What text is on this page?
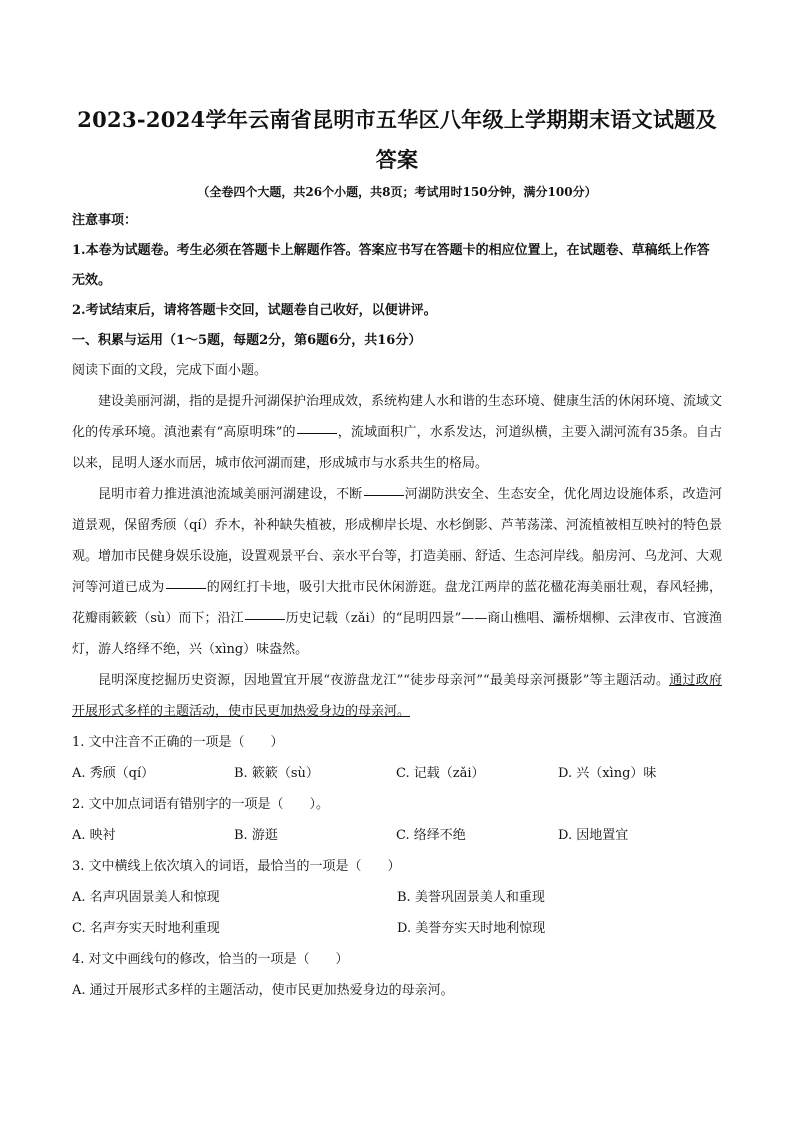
2023-2024学年云南省昆明市五华区八年级上学期期末语文试题及答案

（全卷四个大题，共26个小题，共8页；考试用时150分钟，满分100分）

注意事项：

1.本卷为试题卷。考生必须在答题卡上解题作答。答案应书写在答题卡的相应位置上，在试题卷、草稿纸上作答无效。

2.考试结束后，请将答题卡交回，试题卷自己收好，以便讲评。

一、积累与运用（1～5题，每题2分，第6题6分，共16分）

阅读下面的文段，完成下面小题。

建设美丽河湖，指的是提升河湖保护治理成效，系统构建人水和谐的生态环境、健康生活的休闲环境、流域文化的传承环境。滇池素有“高原明珠”的	，流域面积广，水系发达，河道纵横，主要入湖河流有35条。自古以来，昆明人逐水而居，城市依河湖而建，形成城市与水系共生的格局。

昆明市着力推进滇池流域美丽河湖建设，不断	河湖防洪安全、生态安全，优化周边设施体系，改造河道景观，保留秀颀（qí）乔木，补种缺失植被，形成柳岸长堤、水杉倒影、芦苇荡漾、河流植被相互映衬的特色景观。增加市民健身娱乐设施，设置观景平台、亲水平台等，打造美丽、舒适、生态河岸线。船房河、乌龙河、大观河等河道已成为	的网红打卡地，吸引大批市民休闲游逛。盘龙江两岸的蓝花楹花海美丽壮观，春风轻拂，花瓣雨簌簌（sù）而下；沿江	历史记载（zǎi）的“昆明四景”——商山樵唱、灞桥烟柳、云津夜市、官渡渔灯，游人络绎不绝，兴（xìng）味盎然。

昆明深度挖掘历史资源，因地置宜开展“夜游盘龙江”“徒步母亲河”“最美母亲河摄影”等主题活动。通过政府开展形式多样的主题活动，使市民更加热爱身边的母亲河。

1. 文中注音不正确的一项是（　　）

A. 秀颀（qí）	B. 簌簌（sù）	C. 记载（zǎi）	D. 兴（xìng）味

2. 文中加点词语有错别字的一项是（　　）。

A. 映衬	B. 游逛	C. 络绎不绝	D. 因地置宜

3. 文中横线上依次填入的词语，最恰当的一项是（　　）

A. 名声巩固景美人和惊现	B. 美誉巩固景美人和重现
C. 名声夯实天时地利重现	D. 美誉夯实天时地利惊现

4. 对文中画线句的修改，恰当的一项是（　　）

A. 通过开展形式多样的主题活动，使市民更加热爱身边的母亲河。
